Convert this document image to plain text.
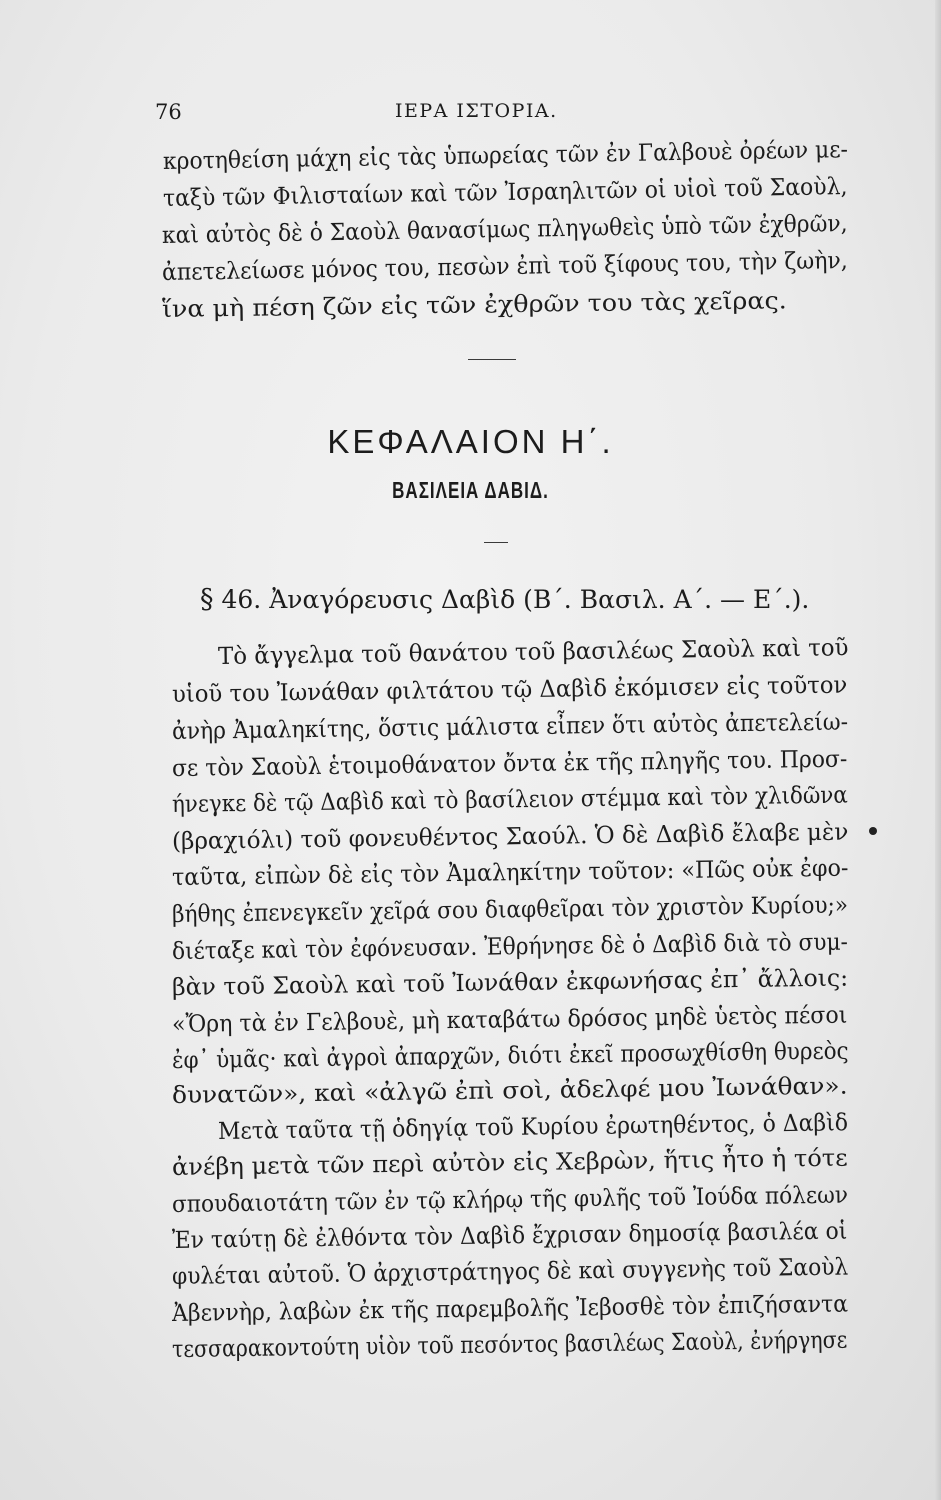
76	ΙΕΡΑ ΙΣΤΟΡΙΑ.
κροτηθείση μάχη εἰς τὰς ὑπωρείας τῶν ἐν Γαλβουὲ ὀρέων με-
ταξὺ τῶν Φιλισταίων καὶ τῶν Ἰσραηλιτῶν οἱ υἱοὶ τοῦ Σαοὺλ,
καὶ αὐτὸς δὲ ὁ Σαοὺλ θανασίμως πληγωθεὶς ὑπὸ τῶν ἐχθρῶν,
ἀπετελείωσε μόνος του, πεσὼν ἐπὶ τοῦ ξίφους του, τὴν ζωὴν,
ἵνα μὴ πέση ζῶν εἰς τῶν ἐχθρῶν του τὰς χεῖρας.
ΚΕΦΑΛΑΙΟΝ Η΄.
ΒΑΣΙΛΕΙΑ ΔΑΒΙΔ.
§ 46. Ἀναγόρευσις Δαβὶδ (Β΄. Βασιλ. Α΄. — Ε΄.).
Τὸ ἄγγελμα τοῦ θανάτου τοῦ βασιλέως Σαοὺλ καὶ τοῦ
υἱοῦ του Ἰωνάθαν φιλτάτου τῷ Δαβὶδ ἐκόμισεν εἰς τοῦτον
ἀνὴρ Ἀμαληκίτης, ὅστις μάλιστα εἶπεν ὅτι αὐτὸς ἀπετελείω-
σε τὸν Σαοὺλ ἑτοιμοθάνατον ὄντα ἐκ τῆς πληγῆς του. Προσ-
ήνεγκε δὲ τῷ Δαβὶδ καὶ τὸ βασίλειον στέμμα καὶ τὸν χλιδῶνα
(βραχιόλι) τοῦ φονευθέντος Σαούλ. Ὁ δὲ Δαβὶδ ἔλαβε μὲν
ταῦτα, εἰπὼν δὲ εἰς τὸν Ἀμαληκίτην τοῦτον: «Πῶς οὐκ ἐφο-
βήθης ἐπενεγκεῖν χεῖρά σου διαφθεῖραι τὸν χριστὸν Κυρίου;»
διέταξε καὶ τὸν ἐφόνευσαν. Ἐθρήνησε δὲ ὁ Δαβὶδ διὰ τὸ συμ-
βὰν τοῦ Σαοὺλ καὶ τοῦ Ἰωνάθαν ἐκφωνήσας ἐπ᾿ ἄλλοις:
«Ὄρη τὰ ἐν Γελβουὲ, μὴ καταβάτω δρόσος μηδὲ ὑετὸς πέσοι
ἐφ᾿ ὑμᾶς· καὶ ἀγροὶ ἀπαρχῶν, διότι ἐκεῖ προσωχθίσθη θυρεὸς
δυνατῶν», καὶ «ἀλγῶ ἐπὶ σοὶ, ἀδελφέ μου Ἰωνάθαν».
Μετὰ ταῦτα τῇ ὁδηγίᾳ τοῦ Κυρίου ἐρωτηθέντος, ὁ Δαβὶδ
ἀνέβη μετὰ τῶν περὶ αὐτὸν εἰς Χεβρὼν, ἥτις ἦτο ἡ τότε
σπουδαιοτάτη τῶν ἐν τῷ κλήρῳ τῆς φυλῆς τοῦ Ἰούδα πόλεων
Ἐν ταύτῃ δὲ ἐλθόντα τὸν Δαβὶδ ἔχρισαν δημοσίᾳ βασιλέα οἱ
φυλέται αὐτοῦ. Ὁ ἀρχιστράτηγος δὲ καὶ συγγενὴς τοῦ Σαοὺλ
Ἀβεννὴρ, λαβὼν ἐκ τῆς παρεμβολῆς Ἰεβοσθὲ τὸν ἐπιζήσαντα
τεσσαρακοντούτη υἱὸν τοῦ πεσόντος βασιλέως Σαοὺλ, ἐνήργησε
